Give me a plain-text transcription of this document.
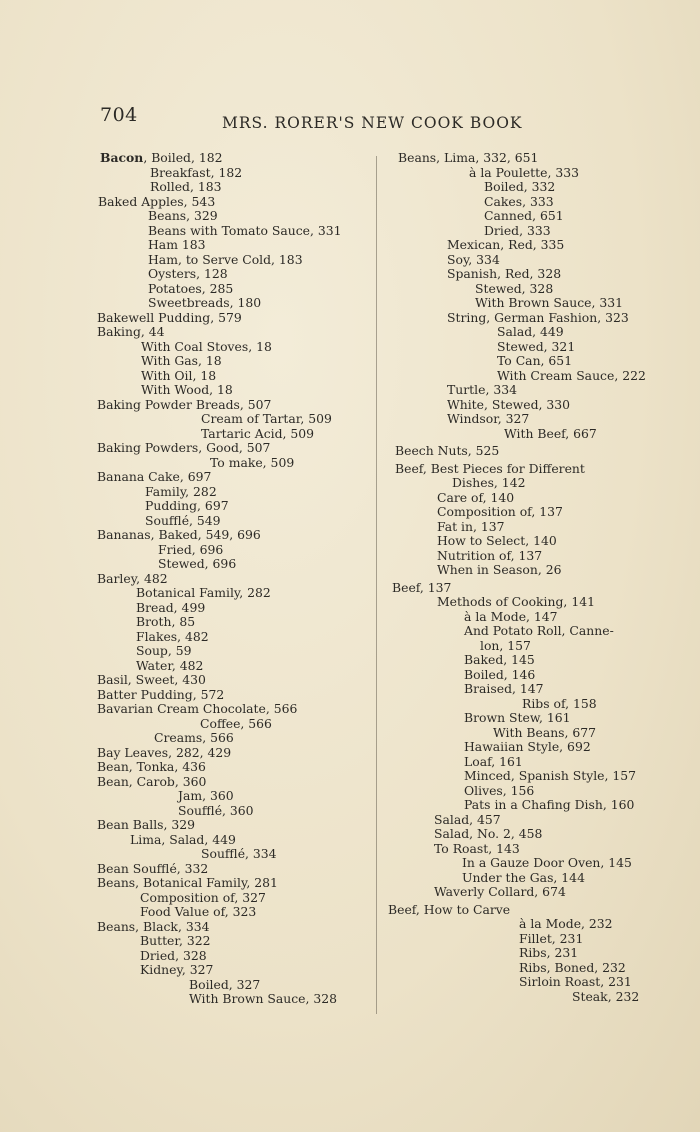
704	MRS. RORER'S NEW COOK BOOK
Bacon, Boiled, 182
Breakfast, 182
Rolled, 183
Baked Apples, 543
Beans, 329
Beans with Tomato Sauce, 331
Ham 183
Ham, to Serve Cold, 183
Oysters, 128
Potatoes, 285
Sweetbreads, 180
Bakewell Pudding, 579
Baking, 44
With Coal Stoves, 18
With Gas, 18
With Oil, 18
With Wood, 18
Baking Powder Breads, 507
Cream of Tartar, 509
Tartaric Acid, 509
Baking Powders, Good, 507
To make, 509
Banana Cake, 697
Family, 282
Pudding, 697
Soufflé, 549
Bananas, Baked, 549, 696
Fried, 696
Stewed, 696
Barley, 482
Botanical Family, 282
Bread, 499
Broth, 85
Flakes, 482
Soup, 59
Water, 482
Basil, Sweet, 430
Batter Pudding, 572
Bavarian Cream Chocolate, 566
Coffee, 566
Creams, 566
Bay Leaves, 282, 429
Bean, Tonka, 436
Bean, Carob, 360
Jam, 360
Soufflé, 360
Bean Balls, 329
Lima, Salad, 449
Soufflé, 334
Bean Soufflé, 332
Beans, Botanical Family, 281
Composition of, 327
Food Value of, 323
Beans, Black, 334
Butter, 322
Dried, 328
Kidney, 327
Boiled, 327
With Brown Sauce, 328
Beans, Lima, 332, 651
à la Poulette, 333
Boiled, 332
Cakes, 333
Canned, 651
Dried, 333
Mexican, Red, 335
Soy, 334
Spanish, Red, 328
Stewed, 328
With Brown Sauce, 331
String, German Fashion, 323
Salad, 449
Stewed, 321
To Can, 651
With Cream Sauce, 222
Turtle, 334
White, Stewed, 330
Windsor, 327
With Beef, 667
Beech Nuts, 525
Beef, Best Pieces for Different
Dishes, 142
Care of, 140
Composition of, 137
Fat in, 137
How to Select, 140
Nutrition of, 137
When in Season, 26
Beef, 137
Methods of Cooking, 141
à la Mode, 147
And Potato Roll, Canne-
lon, 157
Baked, 145
Boiled, 146
Braised, 147
Ribs of, 158
Brown Stew, 161
With Beans, 677
Hawaiian Style, 692
Loaf, 161
Minced, Spanish Style, 157
Olives, 156
Pats in a Chafing Dish, 160
Salad, 457
Salad, No. 2, 458
To Roast, 143
In a Gauze Door Oven, 145
Under the Gas, 144
Waverly Collard, 674
Beef, How to Carve
à la Mode, 232
Fillet, 231
Ribs, 231
Ribs, Boned, 232
Sirloin Roast, 231
Steak, 232
